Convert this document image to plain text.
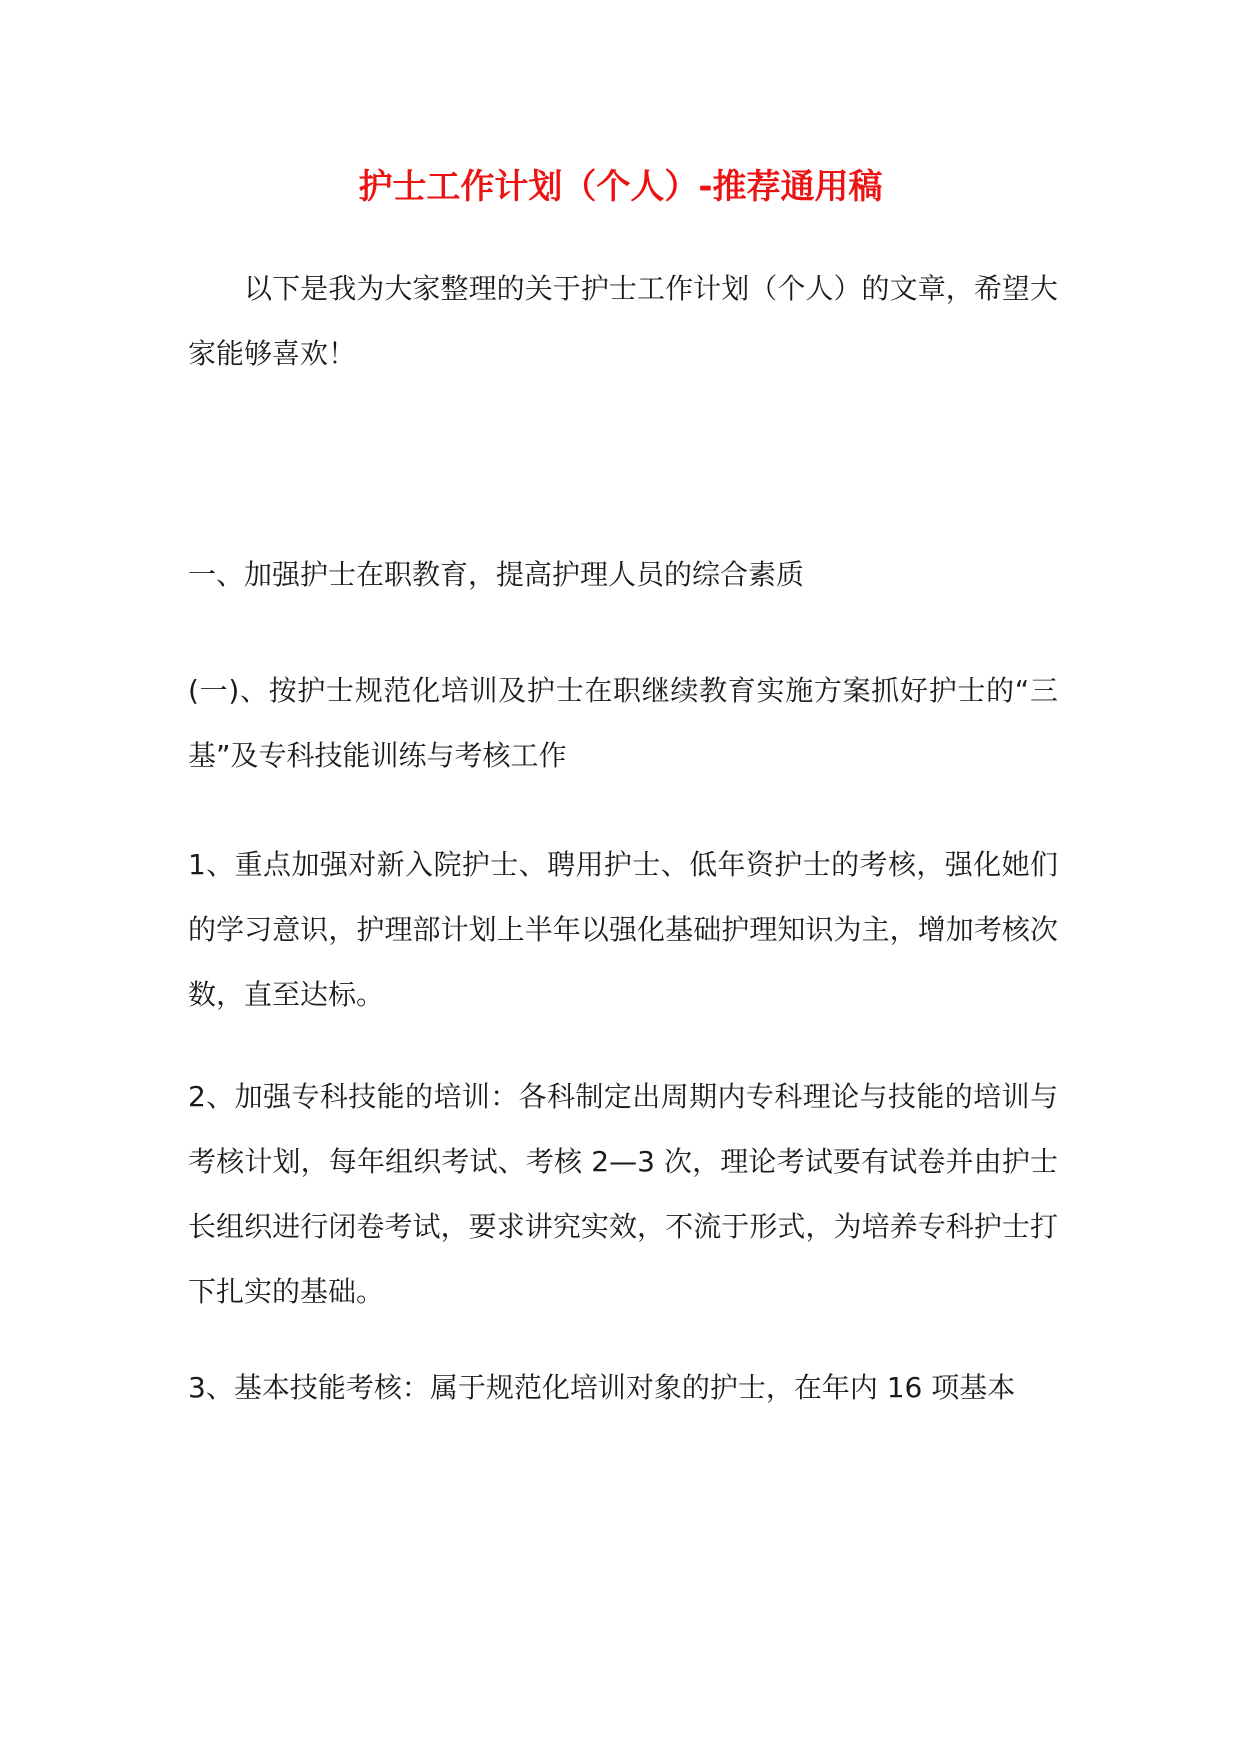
护士工作计划（个人）-推荐通用稿

以下是我为大家整理的关于护士工作计划（个人）的文章，希望大家能够喜欢！

一、加强护士在职教育，提高护理人员的综合素质

(一)、按护士规范化培训及护士在职继续教育实施方案抓好护士的“三基”及专科技能训练与考核工作

1、重点加强对新入院护士、聘用护士、低年资护士的考核，强化她们的学习意识，护理部计划上半年以强化基础护理知识为主，增加考核次数，直至达标。

2、加强专科技能的培训：各科制定出周期内专科理论与技能的培训与考核计划，每年组织考试、考核 2—3 次，理论考试要有试卷并由护士长组织进行闭卷考试，要求讲究实效，不流于形式，为培养专科护士打下扎实的基础。

3、基本技能考核：属于规范化培训对象的护士，在年内 16 项基本
